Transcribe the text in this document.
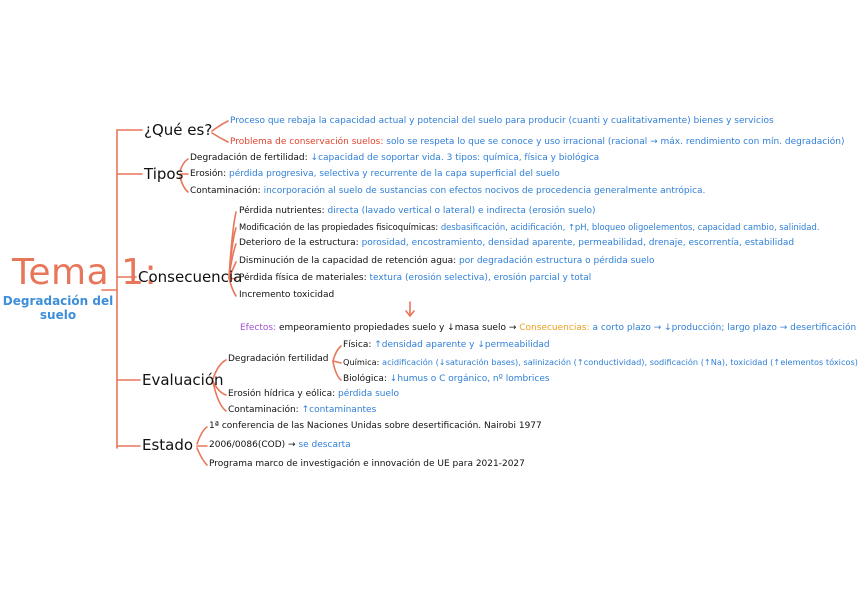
Tema 1:
Degradación del
suelo
¿Qué es? Proceso que rebaja la capacidad actual y potencial del suelo para producir (cuanti y cualitativamente) bienes y servicios
Problema de conservación suelos: solo se respeta lo que se conoce y uso irracional (racional → máx. rendimiento con mín. degradación)
Tipos
Degradación de fertilidad: ↓capacidad de soportar vida. 3 tipos: química, física y biológica
Erosión: pérdida progresiva, selectiva y recurrente de la capa superficial del suelo
Contaminación: incorporación al suelo de sustancias con efectos nocivos de procedencia generalmente antrópica.
Consecuencia
Pérdida nutrientes: directa (lavado vertical o lateral) e indirecta (erosión suelo)
Modificación de las propiedades fisicoquímicas: desbasificación, acidificación, ↑pH, bloqueo oligoelementos, capacidad cambio, salinidad.
Deterioro de la estructura: porosidad, encostramiento, densidad aparente, permeabilidad, drenaje, escorrentía, estabilidad
Disminución de la capacidad de retención agua: por degradación estructura o pérdida suelo
Pérdida física de materiales: textura (erosión selectiva), erosión parcial y total
Incremento toxicidad
Efectos: empeoramiento propiedades suelo y ↓masa suelo → Consecuencias: a corto plazo → ↓producción; largo plazo → desertificación
Evaluación
Degradación fertilidad
Física: ↑densidad aparente y ↓permeabilidad
Química: acidificación (↓saturación bases), salinización (↑conductividad), sodificación (↑Na), toxicidad (↑elementos tóxicos)
Biológica: ↓humus o C orgánico, nº lombrices
Erosión hídrica y eólica: pérdida suelo
Contaminación: ↑contaminantes
Estado
1ª conferencia de las Naciones Unidas sobre desertificación. Nairobi 1977
2006/0086(COD) → se descarta
Programa marco de investigación e innovación de UE para 2021-2027
